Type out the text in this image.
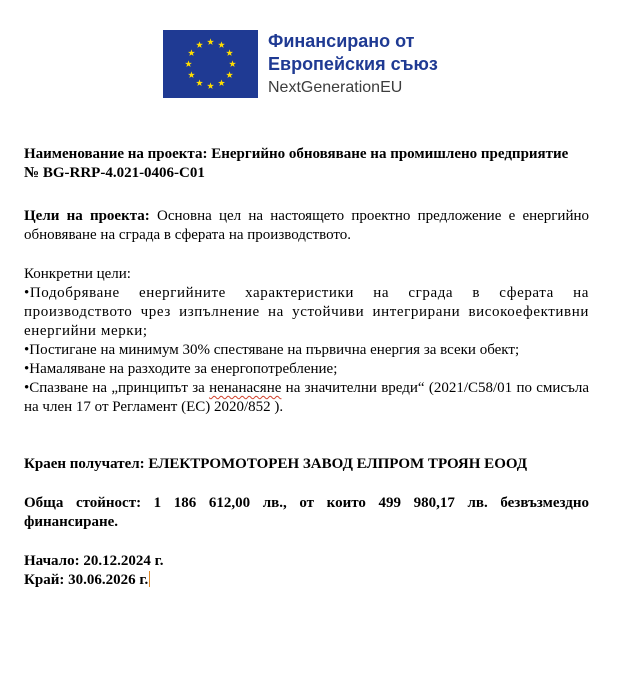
Финансирано от
Европейския съюз
NextGenerationEU

Наименование на проекта: Енергийно обновяване на промишлено предприятие

№ BG-RRP-4.021-0406-C01

Цели на проекта: Основна цел на настоящето проектно предложение е енергийно обновяване на сграда в сферата на производството.

Конкретни цели:

•Подобряване енергийните характеристики на сграда в сферата на производството чрез изпълнение на устойчиви интегрирани високоефективни енергийни мерки;

•Постигане на минимум 30% спестяване на първична енергия за всеки обект;

•Намаляване на разходите за енергопотребление;

•Спазване на „принципът за ненанасяне на значителни вреди“ (2021/C58/01 по смисъла на член 17 от Регламент (ЕС) 2020/852 ).

Краен получател: ЕЛЕКТРОМОТОРЕН ЗАВОД ЕЛПРОМ ТРОЯН ЕООД

Обща стойност: 1 186 612,00 лв., от които 499 980,17 лв. безвъзмездно финансиране.

Начало: 20.12.2024 г.

Край: 30.06.2026 г.
